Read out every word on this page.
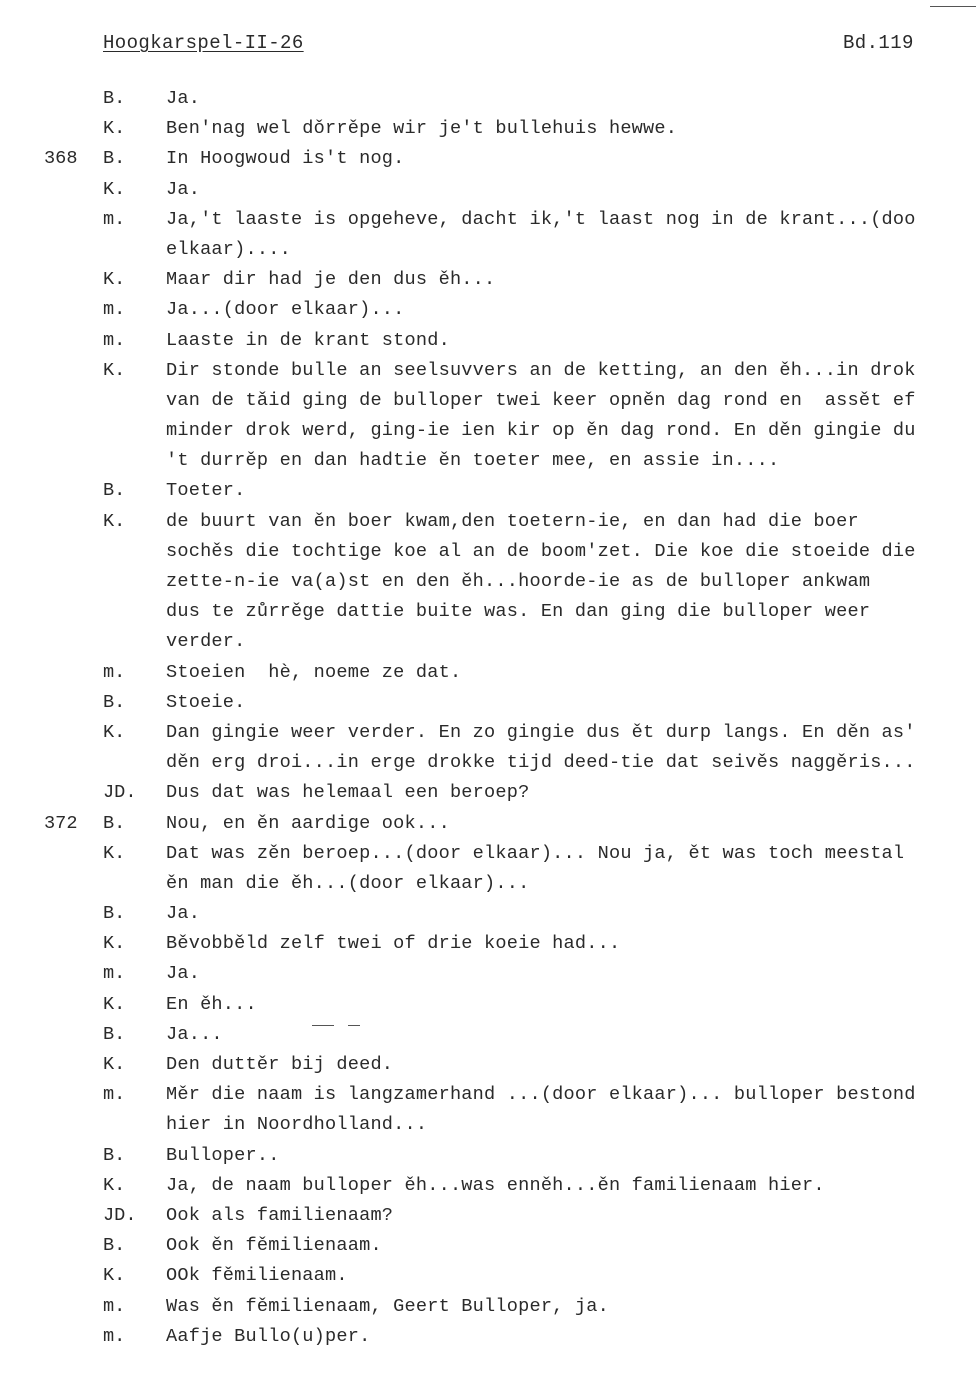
Hoogkarspel-II-26	Bd.119
B. Ja.
K. Ben'nag wel dǒrrěpe wir je't bullehuis hewwe.
368 B. In Hoogwoud is't nog.
K. Ja.
m. Ja,'t laaste is opgeheve, dacht ik,'t laast nog in de krant...(doo
elkaar)....
K. Maar dir had je den dus ěh...
m. Ja...(door elkaar)...
m. Laaste in de krant stond.
K. Dir stonde bulle an seelsuvvers an de ketting, an den ěh...in drok
van de tǎid ging de bulloper twei keer opněn dag rond en  assět ef
minder drok werd, ging-ie ien kir op ěn dag rond. En děn gingie du
't durrěp en dan hadtie ěn toeter mee, en assie in....
B. Toeter.
K. de buurt van ěn boer kwam,den toetern-ie, en dan had die boer
sochěs die tochtige koe al an de boom'zet. Die koe die stoeide die
zette-n-ie va(a)st en den ěh...hoorde-ie as de bulloper ankwam
dus te zůrrěge dattie buite was. En dan ging die bulloper weer
verder.
m. Stoeien  hè, noeme ze dat.
B. Stoeie.
K. Dan gingie weer verder. En zo gingie dus ět durp langs. En děn as'
děn erg droi...in erge drokke tijd deed-tie dat seivěs naggěris...
JD. Dus dat was helemaal een beroep?
372 B. Nou, en ěn aardige ook...
K. Dat was zěn beroep...(door elkaar)... Nou ja, ět was toch meestal
ěn man die ěh...(door elkaar)...
B. Ja.
K. Běvobběld zelf twei of drie koeie had...
m. Ja.
K. En ěh...
B. Ja...
K. Den duttěr bij deed.
m. Měr die naam is langzamerhand ...(door elkaar)... bulloper bestond
hier in Noordholland...
B. Bulloper..
K. Ja, de naam bulloper ěh...was enněh...ěn familienaam hier.
JD. Ook als familienaam?
B. Ook ěn fěmilienaam.
K. OOk fěmilienaam.
m. Was ěn fěmilienaam, Geert Bulloper, ja.
m. Aafje Bullo(u)per.
